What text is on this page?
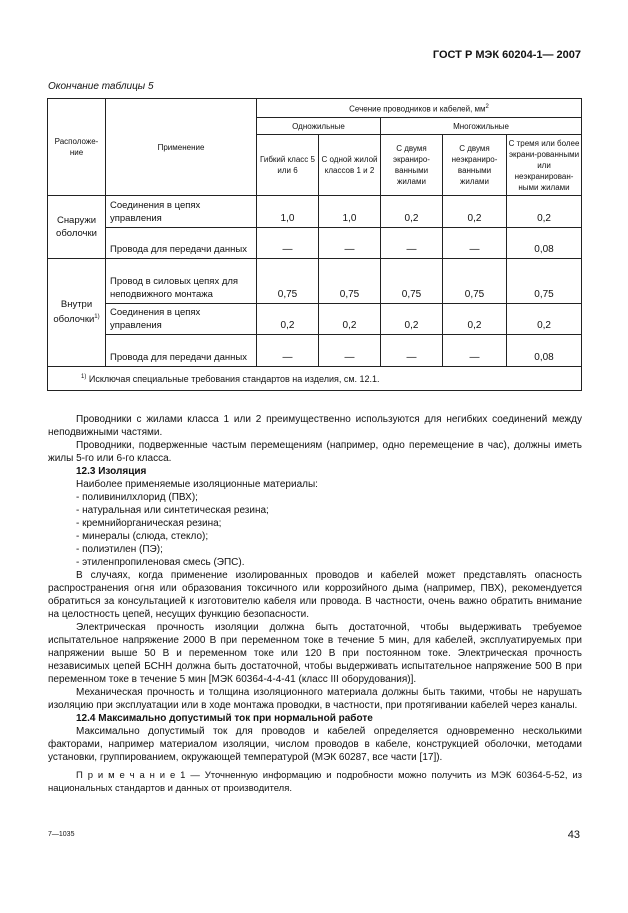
ГОСТ Р МЭК 60204-1— 2007
Окончание таблицы 5
Расположе-ние	Применение	Сечение проводников и кабелей, $мм^2$
		Одножильные		Многожильные		
		Гибкий класс 5 или 6	С одной жилой классов 1 и 2	С двумя экраниро-ванными жилами	С двумя неэкраниро-ванными жилами	С тремя или более экрани-рованными или неэкранирован-ными жилами
Снаружи оболочки	Соединения в цепях управления	1,0	1,0	0,2	0,2	0,2
	Провода для передачи данных	—	—	—	—	0,08
Внутри оболочки$^{1)}$	Провод в силовых цепях для неподвижного монтажа	0,75	0,75	0,75	0,75	0,75
	Соединения в цепях управления	0,2	0,2	0,2	0,2	0,2
	Провода для передачи данных	—	—	—	—	0,08
$^{1)}$ Исключая специальные требования стандартов на изделия, см. 12.1.						

Проводники с жилами класса 1 или 2 преимущественно используются для негибких соединений между неподвижными частями.

Проводники, подверженные частым перемещениям (например, одно перемещение в час), должны иметь жилы 5-го или 6-го класса.

12.3 Изоляция

Наиболее применяемые изоляционные материалы:

- поливинилхлорид (ПВХ);

- натуральная или синтетическая резина;

- кремнийорганическая резина;

- минералы (слюда, стекло);

- полиэтилен (ПЭ);

- этиленпропиленовая смесь (ЭПС).

В случаях, когда применение изолированных проводов и кабелей может представлять опасность распространения огня или образования токсичного или коррозийного дыма (например, ПВХ), рекомендуется обратиться за консультацией к изготовителю кабеля или провода. В частности, очень важно обратить внимание на целостность цепей, несущих функцию безопасности.

Электрическая прочность изоляции должна быть достаточной, чтобы выдерживать требуемое испытательное напряжение 2000 В при переменном токе в течение 5 мин, для кабелей, эксплуатируемых при напряжении выше 50 В и переменном токе или 120 В при постоянном токе. Электрическая прочность независимых цепей БСНН должна быть достаточной, чтобы выдерживать испытательное напряжение 500 В при переменном токе в течение 5 мин [МЭК 60364-4-4-41 (класс III оборудования)].

Механическая прочность и толщина изоляционного материала должны быть такими, чтобы не нарушать изоляцию при эксплуатации или в ходе монтажа проводки, в частности, при протягивании кабелей через каналы.

12.4 Максимально допустимый ток при нормальной работе

Максимально допустимый ток для проводов и кабелей определяется одновременно несколькими факторами, например материалом изоляции, числом проводов в кабеле, конструкцией оболочки, методами установки, группированием, окружающей температурой (МЭК 60287, все части [17]).

П р и м е ч а н и е 1 — Уточненную информацию и подробности можно получить из МЭК 60364-5-52, из национальных стандартов и данных от производителя.

7—1035	43
